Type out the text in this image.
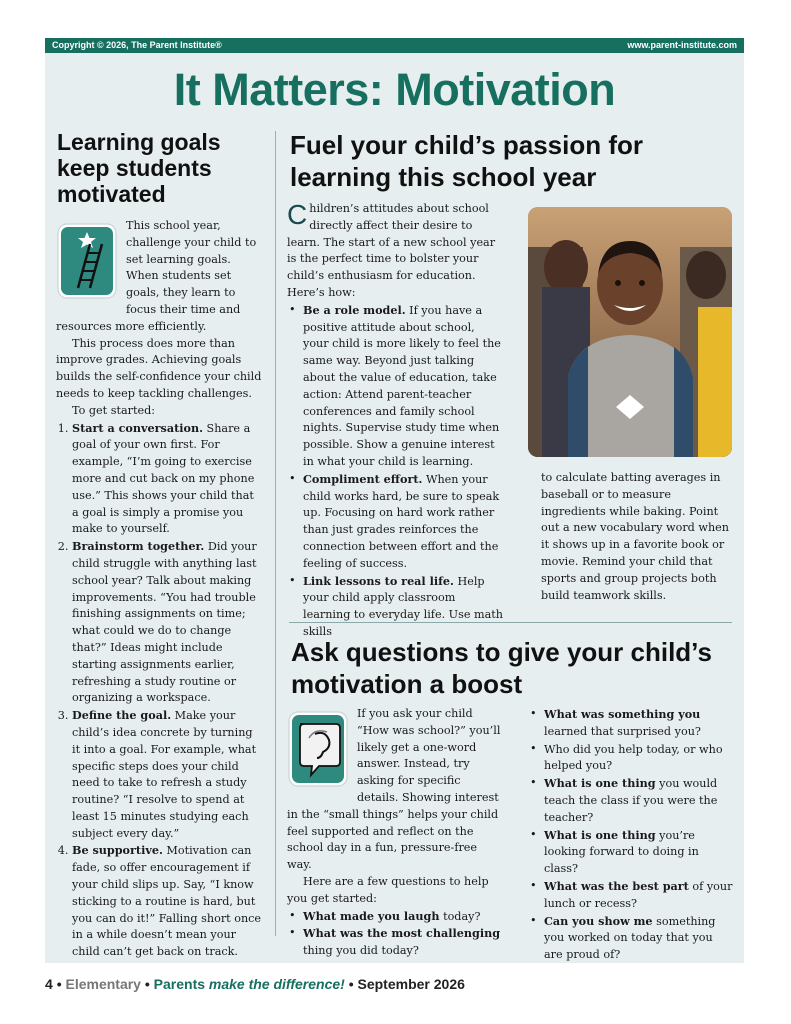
Copyright © 2026, The Parent Institute®	www.parent-institute.com
It Matters: Motivation
Learning goals keep students motivated

This school year, challenge your child to set learning goals. When students set goals, they learn to focus their time and resources more efficiently.

This process does more than improve grades. Achieving goals builds the self-confidence your child needs to keep tackling challenges.

To get started:

1. Start a conversation. Share a goal of your own first. For example, “I’m going to exercise more and cut back on my phone use.” This shows your child that a goal is simply a promise you make to yourself.
2. Brainstorm together. Did your child struggle with anything last school year? Talk about making improvements. “You had trouble finishing assignments on time; what could we do to change that?” Ideas might include starting assignments earlier, refreshing a study routine or organizing a workspace.
3. Define the goal. Make your child’s idea concrete by turning it into a goal. For example, what specific steps does your child need to take to refresh a study routine? “I resolve to spend at least 15 minutes studying each subject every day.”
4. Be supportive. Motivation can fade, so offer encouragement if your child slips up. Say, “I know sticking to a routine is hard, but you can do it!” Falling short once in a while doesn’t mean your child can’t get back on track.
Fuel your child’s passion for learning this school year

Children’s attitudes about school directly affect their desire to learn. The start of a new school year is the perfect time to bolster your child’s enthusiasm for education. Here’s how:

• Be a role model. If you have a positive attitude about school, your child is more likely to feel the same way. Beyond just talking about the value of education, take action: Attend parent-teacher conferences and family school nights. Supervise study time when possible. Show a genuine interest in what your child is learning.
• Compliment effort. When your child works hard, be sure to speak up. Focusing on hard work rather than just grades reinforces the connection between effort and the feeling of success.
• Link lessons to real life. Help your child apply classroom learning to everyday life. Use math skills

to calculate batting averages in baseball or to measure ingredients while baking. Point out a new vocabulary word when it shows up in a favorite book or movie. Remind your child that sports and group projects both build teamwork skills.

Ask questions to give your child’s motivation a boost

If you ask your child “How was school?” you’ll likely get a one-word answer. Instead, try asking for specific details. Showing interest in the “small things” helps your child feel supported and reflect on the school day in a fun, pressure-free way.

Here are a few questions to help you get started:

• What made you laugh today?
• What was the most challenging thing you did today?
• What was something you learned that surprised you?
• Who did you help today, or who helped you?
• What is one thing you would teach the class if you were the teacher?
• What is one thing you’re looking forward to doing in class?
• What was the best part of your lunch or recess?
• Can you show me something you worked on today that you are proud of?
4 • Elementary • Parents make the difference! • September 2026
